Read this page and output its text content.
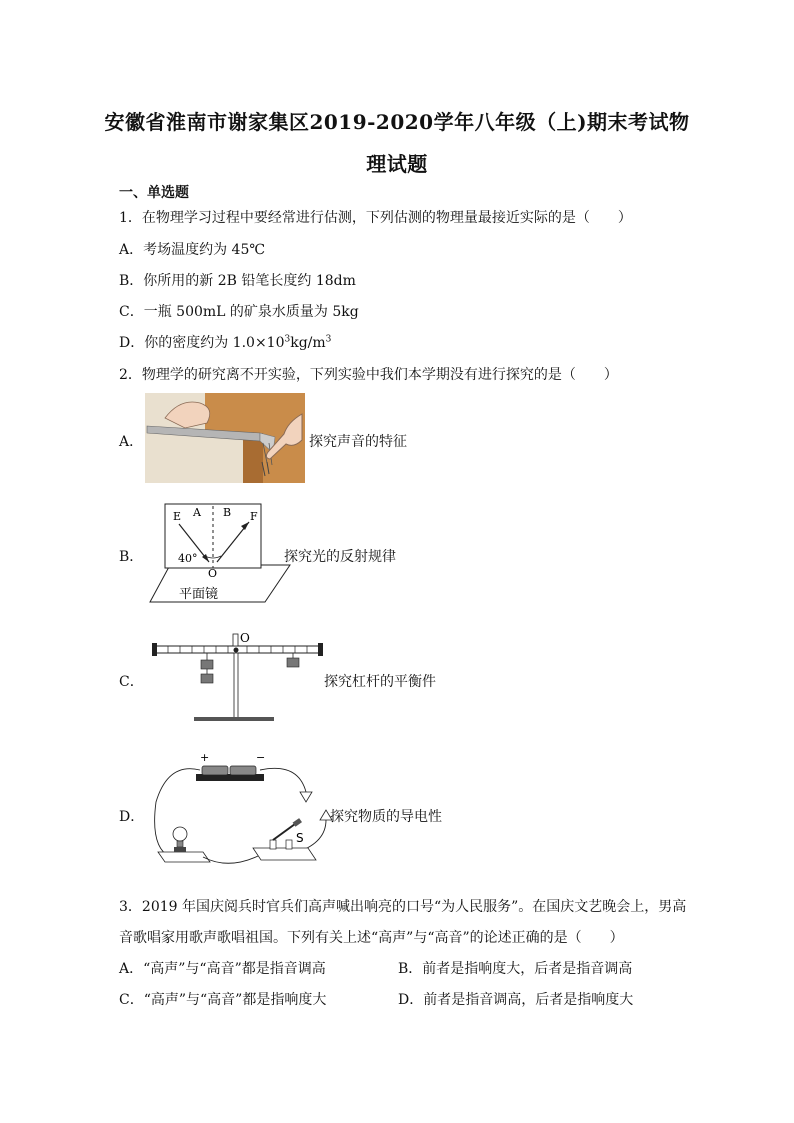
安徽省淮南市谢家集区2019-2020学年八年级（上)期末考试物
理试题
一、单选题
1．在物理学习过程中要经常进行估测，下列估测的物理量最接近实际的是（　　）
A．考场温度约为 45℃
B．你所用的新 2B 铅笔长度约 18dm
C．一瓶 500mL 的矿泉水质量为 5kg
D．你的密度约为 $1.0\times 10^3kg/m^3$
2．物理学的研究离不开实验，下列实验中我们本学期没有进行探究的是（　　）
A．	探究声音的特征
B．
E A B F
40°
O
平面镜
探究光的反射规律
C．
O
探究杠杆的平衡件
D．
+	−
S
探究物质的导电性
3．2019 年国庆阅兵时官兵们高声喊出响亮的口号“为人民服务”。在国庆文艺晚会上，男高
音歌唱家用歌声歌唱祖国。下列有关上述“高声”与“高音”的论述正确的是（　　）
A．“高声”与“高音”都是指音调高	B．前者是指响度大，后者是指音调高
C．“高声”与“高音”都是指响度大	D．前者是指音调高，后者是指响度大
